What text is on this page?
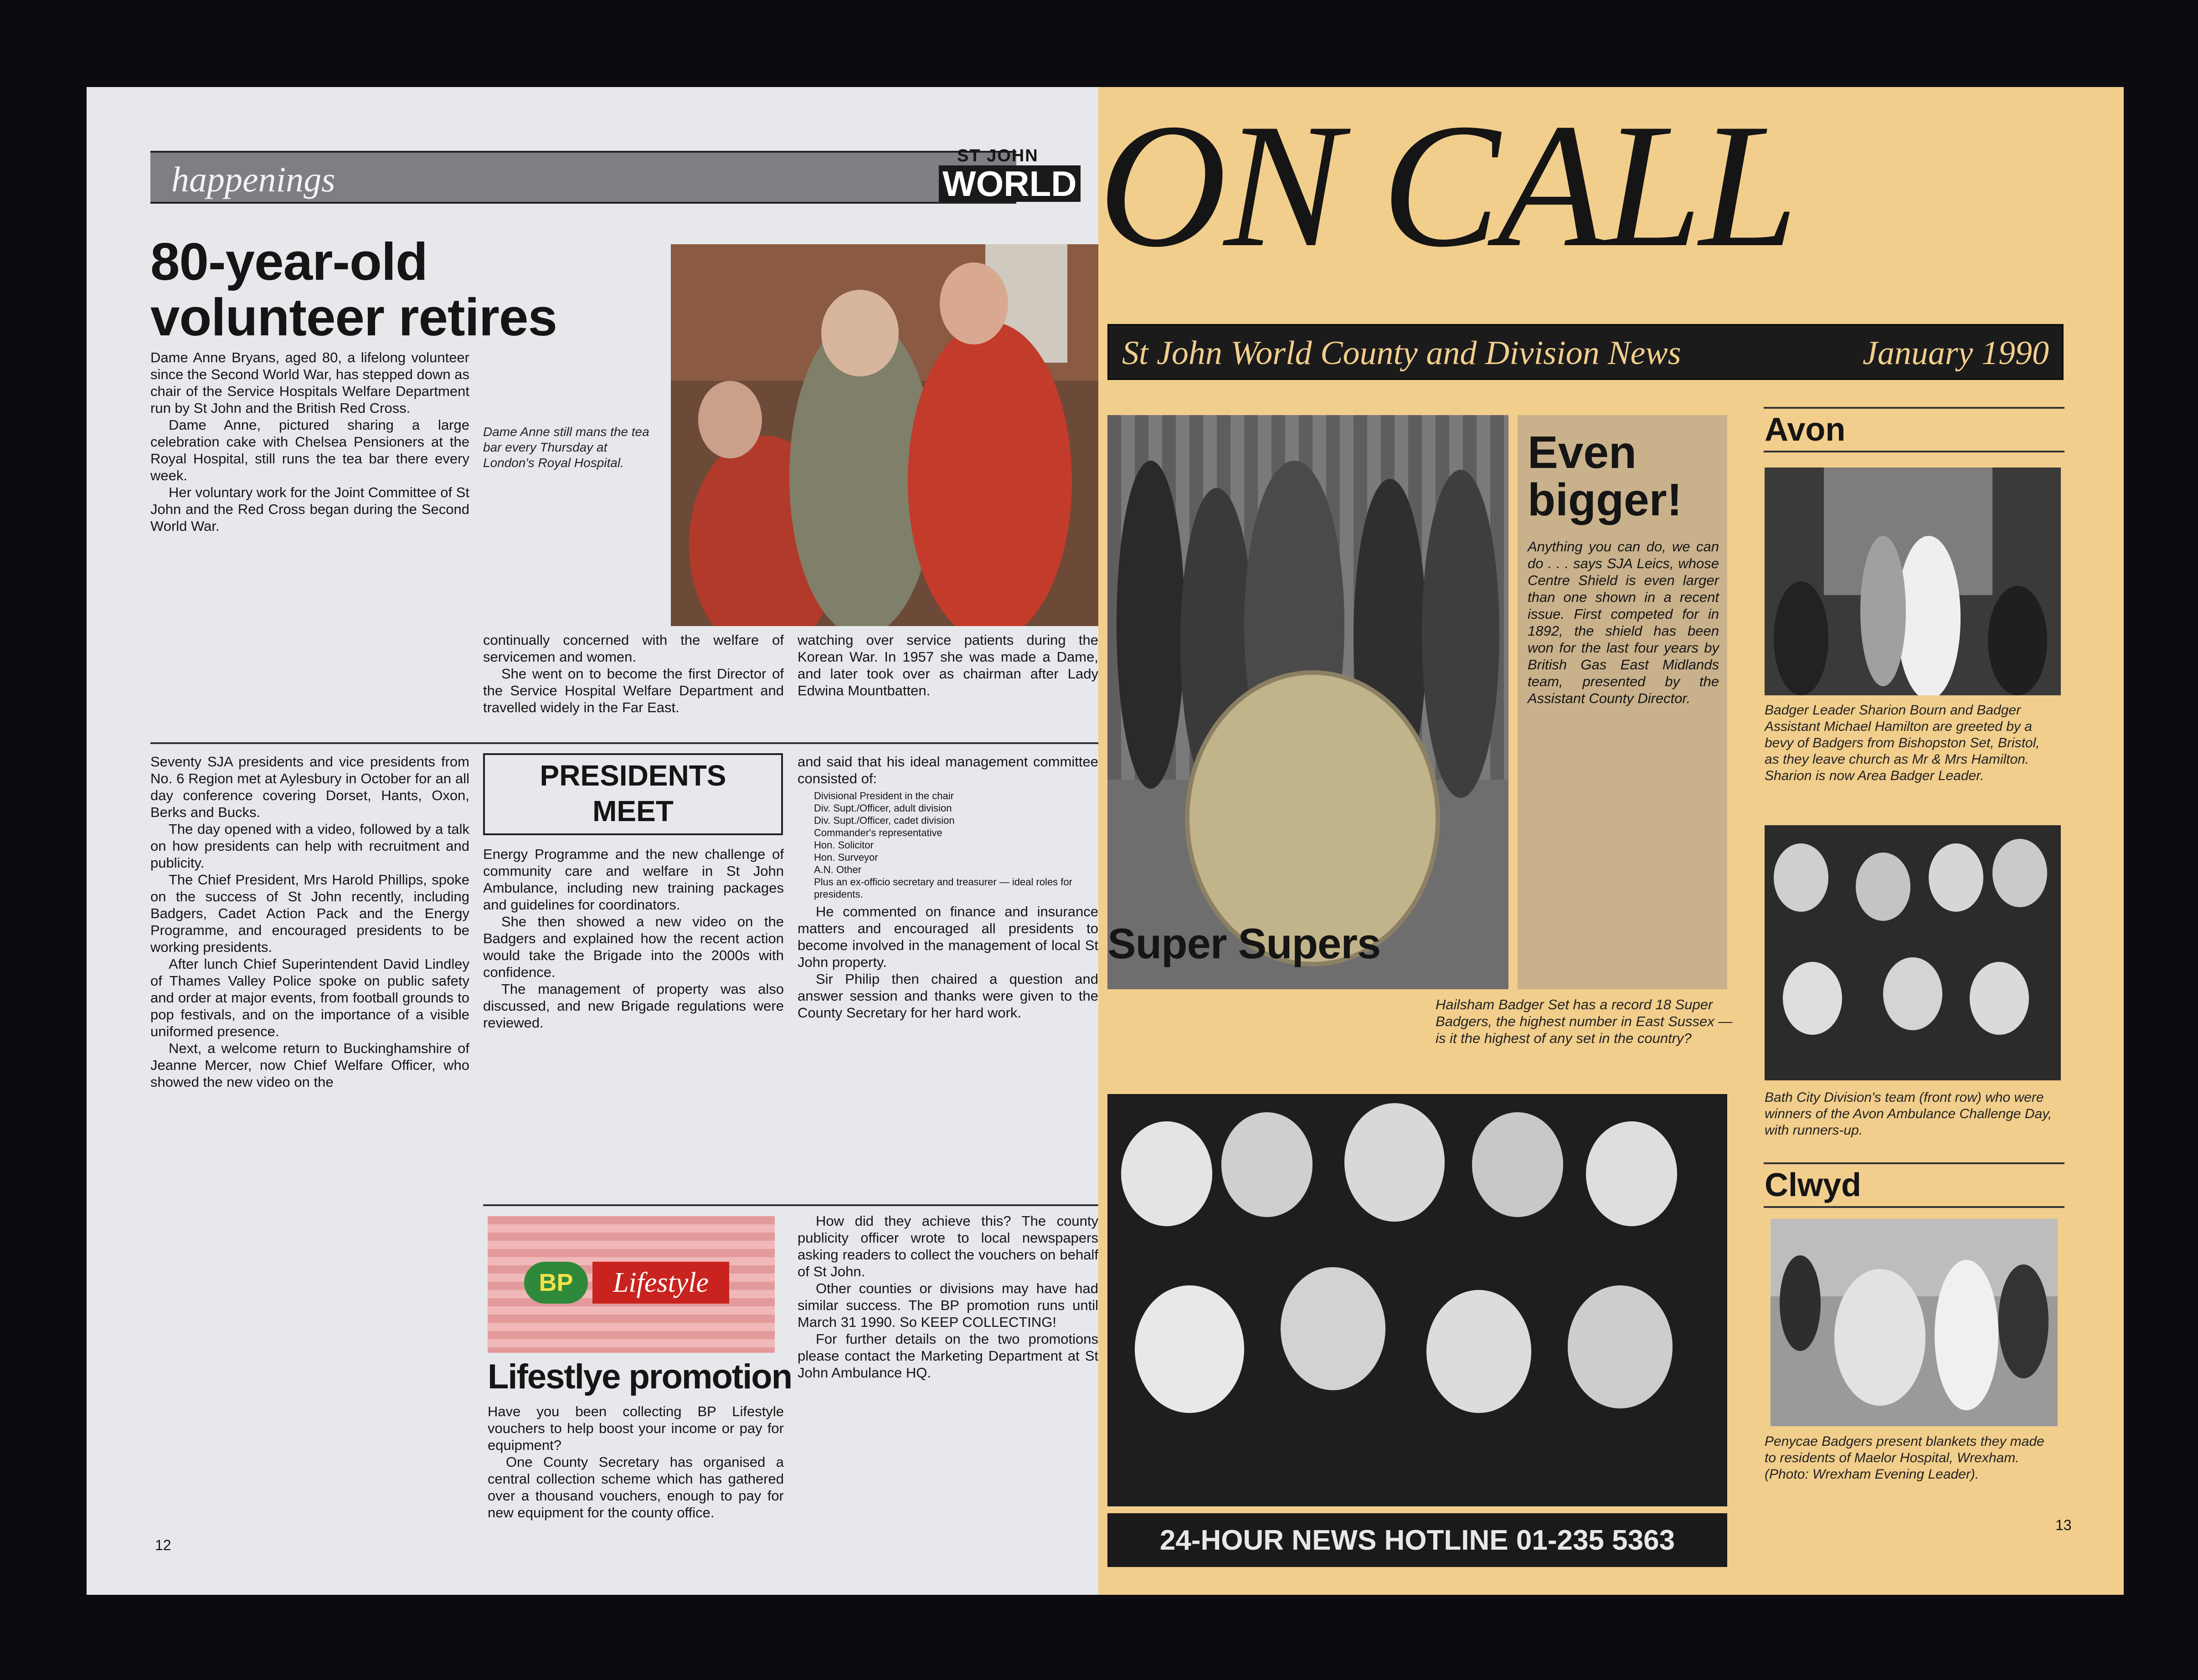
happenings
ST JOHN
WORLD
80-year-old
volunteer retires
Dame Anne still mans the tea bar every Thursday at London's Royal Hospital.

Dame Anne Bryans, aged 80, a lifelong volunteer since the Second World War, has stepped down as chair of the Service Hospitals Welfare Department run by St John and the British Red Cross.

Dame Anne, pictured sharing a large celebration cake with Chelsea Pensioners at the Royal Hospital, still runs the tea bar there every week.

Her voluntary work for the Joint Committee of St John and the Red Cross began during the Second World War.

continually concerned with the welfare of servicemen and women.

She went on to become the first Director of the Service Hospital Welfare Department and travelled widely in the Far East.

watching over service patients during the Korean War. In 1957 she was made a Dame, and later took over as chairman after Lady Edwina Mountbatten.

Seventy SJA presidents and vice presidents from No. 6 Region met at Aylesbury in October for an all day conference covering Dorset, Hants, Oxon, Berks and Bucks.

The day opened with a video, followed by a talk on how presidents can help with recruitment and publicity.

The Chief President, Mrs Harold Phillips, spoke on the success of St John recently, including Badgers, Cadet Action Pack and the Energy Programme, and encouraged presidents to be working presidents.

After lunch Chief Superintendent David Lindley of Thames Valley Police spoke on public safety and order at major events, from football grounds to pop festivals, and on the importance of a visible uniformed presence.

Next, a welcome return to Buckinghamshire of Jeanne Mercer, now Chief Welfare Officer, who showed the new video on the

PRESIDENTS
MEET

Energy Programme and the new challenge of community care and welfare in St John Ambulance, including new training packages and guidelines for coordinators.

She then showed a new video on the Badgers and explained how the recent action would take the Brigade into the 2000s with confidence.

The management of property was also discussed, and new Brigade regulations were reviewed.

and said that his ideal management committee consisted of:

Divisional President in the chair
Div. Supt./Officer, adult division
Div. Supt./Officer, cadet division
Commander's representative
Hon. Solicitor
Hon. Surveyor
A.N. Other
Plus an ex-officio secretary and treasurer — ideal roles for presidents.

He commented on finance and insurance matters and encouraged all presidents to become involved in the management of local St John property.

Sir Philip then chaired a question and answer session and thanks were given to the County Secretary for her hard work.

BP	Lifestyle
Lifestlye promotion

Have you been collecting BP Lifestyle vouchers to help boost your income or pay for equipment?

One County Secretary has organised a central collection scheme which has gathered over a thousand vouchers, enough to pay for new equipment for the county office.

How did they achieve this? The county publicity officer wrote to local newspapers asking readers to collect the vouchers on behalf of St John.

Other counties or divisions may have had similar success. The BP promotion runs until March 31 1990. So KEEP COLLECTING!

For further details on the two promotions please contact the Marketing Department at St John Ambulance HQ.

12
ON CALL
St John World County and Division News	January 1990
Even
bigger!
Anything you can do, we can do . . . says SJA Leics, whose Centre Shield is even larger than one shown in a recent issue. First competed for in 1892, the shield has been won for the last four years by British Gas East Midlands team, presented by the Assistant County Director.
Super Supers
Hailsham Badger Set has a record 18 Super Badgers, the highest number in East Sussex — is it the highest of any set in the country?
24-HOUR NEWS HOTLINE 01-235 5363
Avon
Badger Leader Sharion Bourn and Badger Assistant Michael Hamilton are greeted by a bevy of Badgers from Bishopston Set, Bristol, as they leave church as Mr & Mrs Hamilton. Sharion is now Area Badger Leader.
Bath City Division's team (front row) who were winners of the Avon Ambulance Challenge Day, with runners-up.
Clwyd
Penycae Badgers present blankets they made to residents of Maelor Hospital, Wrexham. (Photo: Wrexham Evening Leader).
13
